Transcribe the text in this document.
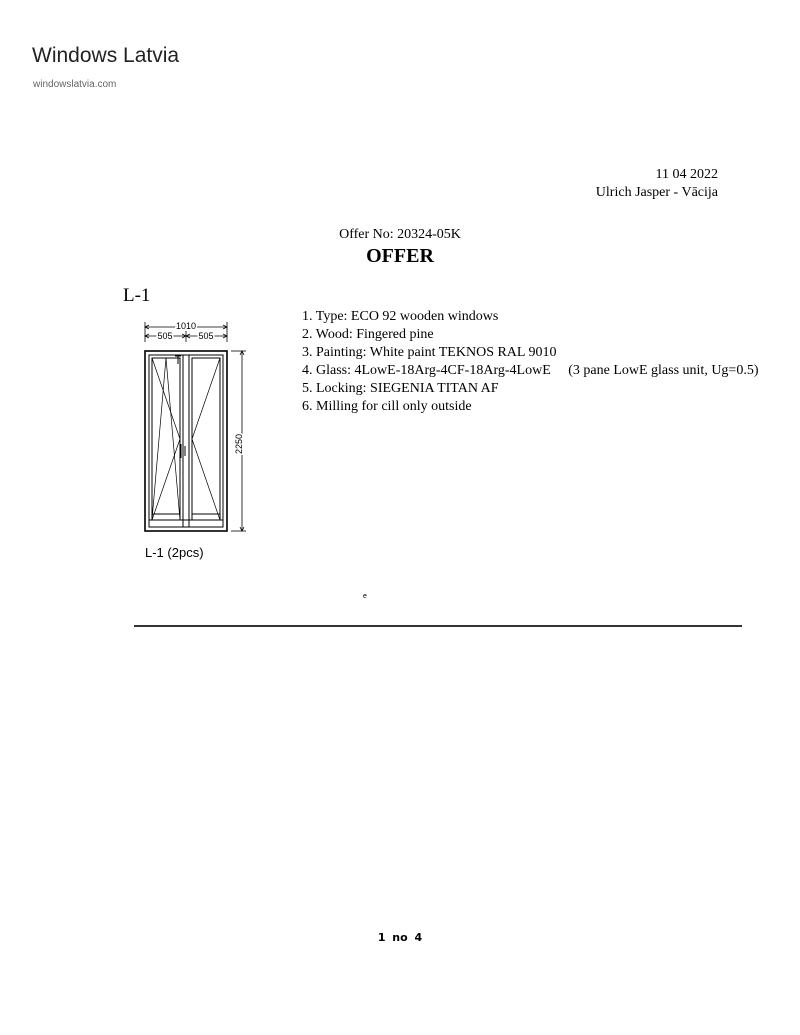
Windows Latvia
windowslatvia.com
11 04 2022
Ulrich Jasper - Vācija
Offer No: 20324-05K
OFFER
L-1
1010
505	505
2250
L-1 (2pcs)
1. Type: ECO 92 wooden windows
2. Wood: Fingered pine
3. Painting: White paint TEKNOS RAL 9010
4. Glass: 4LowE-18Arg-4CF-18Arg-4LowE     (3 pane LowE glass unit, Ug=0.5)
5. Locking: SIEGENIA TITAN AF
6. Milling for cill only outside
e
1 no 4
